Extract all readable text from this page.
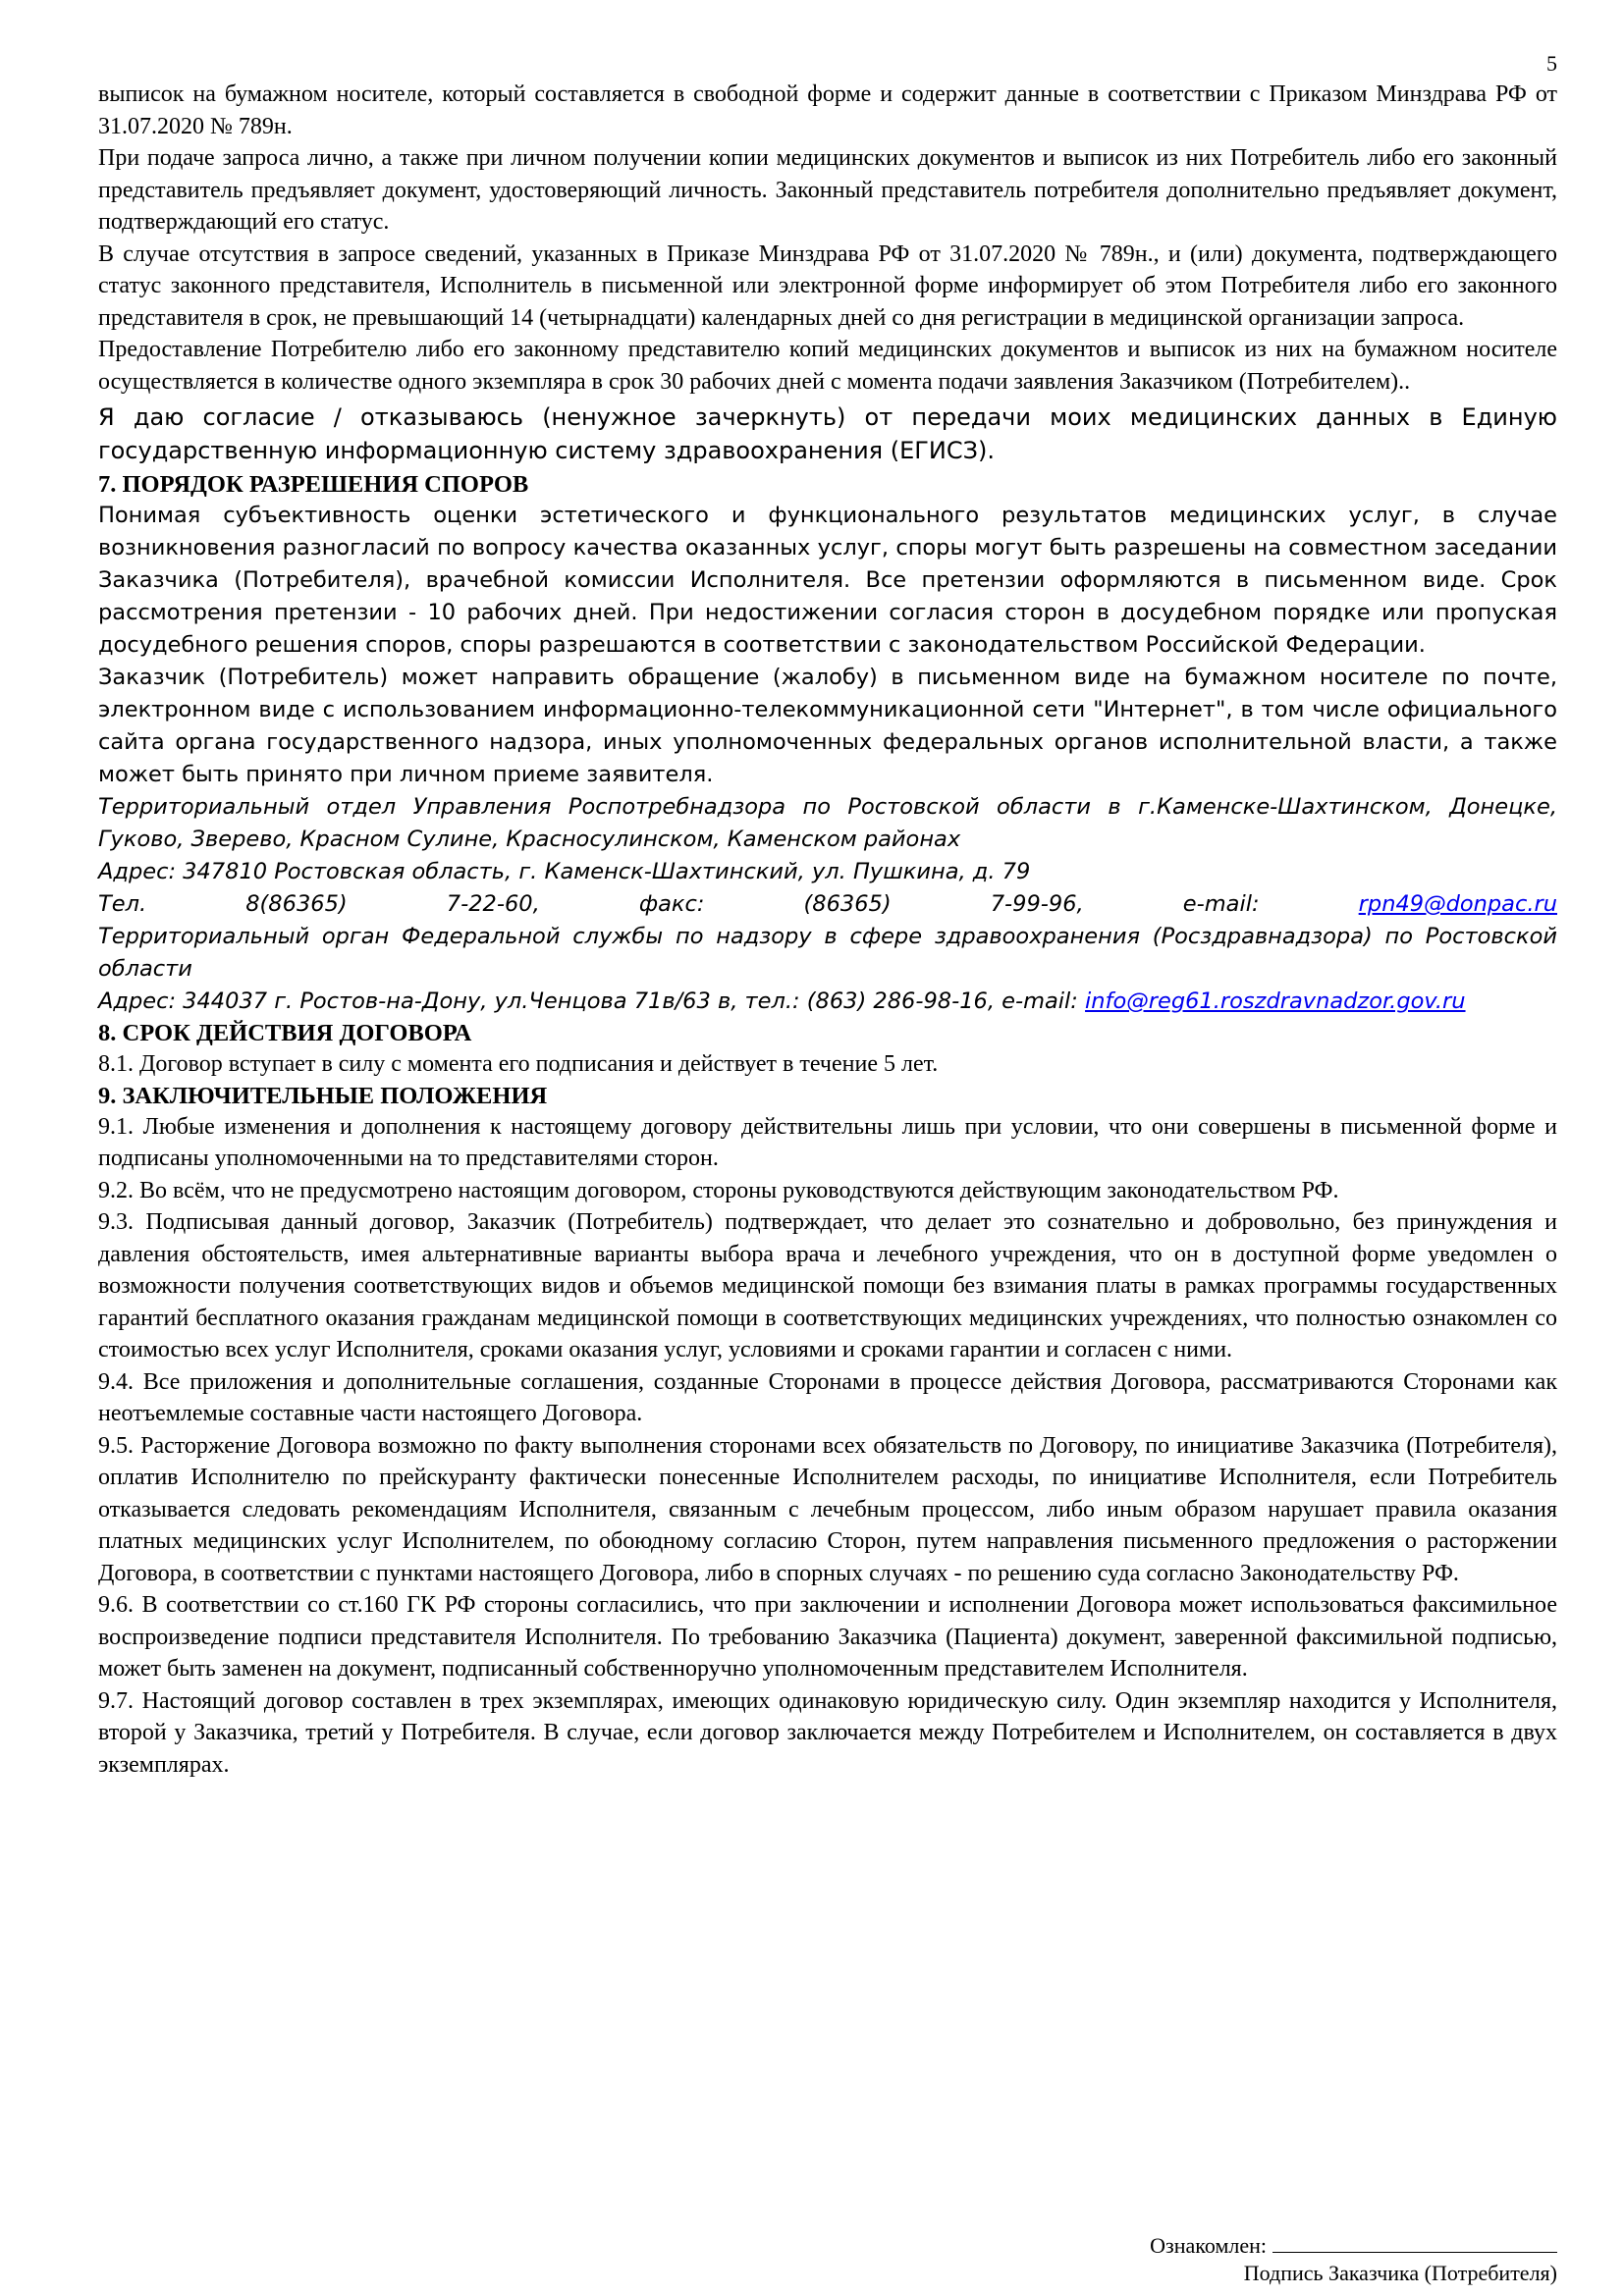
5

выписок на бумажном носителе, который составляется в свободной форме и содержит данные в соответствии с Приказом Минздрава РФ от 31.07.2020 № 789н.

При подаче запроса лично, а также при личном получении копии медицинских документов и выписок из них Потребитель либо его законный представитель предъявляет документ, удостоверяющий личность. Законный представитель потребителя дополнительно предъявляет документ, подтверждающий его статус.

В случае отсутствия в запросе сведений, указанных в Приказе Минздрава РФ от 31.07.2020 № 789н., и (или) документа, подтверждающего статус законного представителя, Исполнитель в письменной или электронной форме информирует об этом Потребителя либо его законного представителя в срок, не превышающий 14 (четырнадцати) календарных дней со дня регистрации в медицинской организации запроса.

Предоставление Потребителю либо его законному представителю копий медицинских документов и выписок из них на бумажном носителе осуществляется в количестве одного экземпляра в срок 30 рабочих дней с момента подачи заявления Заказчиком (Потребителем)..

Я даю согласие / отказываюсь (ненужное зачеркнуть) от передачи моих медицинских данных в Единую государственную информационную систему здравоохранения (ЕГИСЗ).

7. ПОРЯДОК РАЗРЕШЕНИЯ СПОРОВ

Понимая субъективность оценки эстетического и функционального результатов медицинских услуг, в случае возникновения разногласий по вопросу качества оказанных услуг, споры могут быть разрешены на совместном заседании Заказчика (Потребителя), врачебной комиссии Исполнителя. Все претензии оформляются в письменном виде. Срок рассмотрения претензии - 10 рабочих дней. При недостижении согласия сторон в досудебном порядке или пропуская досудебного решения споров, споры разрешаются в соответствии с законодательством Российской Федерации.

Заказчик (Потребитель) может направить обращение (жалобу) в письменном виде на бумажном носителе по почте, электронном виде с использованием информационно-телекоммуникационной сети "Интернет", в том числе официального сайта органа государственного надзора, иных уполномоченных федеральных органов исполнительной власти, а также может быть принято при личном приеме заявителя.

Территориальный отдел Управления Роспотребнадзора по Ростовской области в г.Каменске-Шахтинском, Донецке, Гуково, Зверево, Красном Сулине, Красносулинском, Каменском районах

Адрес: 347810 Ростовская область, г. Каменск-Шахтинский, ул. Пушкина, д. 79

Тел.	8(86365)	7-22-60,	факс:	(86365)	7-99-96,	e-mail:	rpn49@donpac.ru

Территориальный орган Федеральной службы по надзору в сфере здравоохранения (Росздравнадзора) по Ростовской области

Адрес: 344037 г. Ростов-на-Дону, ул.Ченцова 71в/63 в, тел.: (863) 286-98-16, e-mail: info@reg61.roszdravnadzor.gov.ru

8. СРОК ДЕЙСТВИЯ ДОГОВОРА

8.1. Договор вступает в силу с момента его подписания и действует в течение 5 лет.

9. ЗАКЛЮЧИТЕЛЬНЫЕ ПОЛОЖЕНИЯ

9.1. Любые изменения и дополнения к настоящему договору действительны лишь при условии, что они совершены в письменной форме и подписаны уполномоченными на то представителями сторон.

9.2. Во всём, что не предусмотрено настоящим договором, стороны руководствуются действующим законодательством РФ.

9.3. Подписывая данный договор, Заказчик (Потребитель) подтверждает, что делает это сознательно и добровольно, без принуждения и давления обстоятельств, имея альтернативные варианты выбора врача и лечебного учреждения, что он в доступной форме уведомлен о возможности получения соответствующих видов и объемов медицинской помощи без взимания платы в рамках программы государственных гарантий бесплатного оказания гражданам медицинской помощи в соответствующих медицинских учреждениях, что полностью ознакомлен со стоимостью всех услуг Исполнителя, сроками оказания услуг, условиями и сроками гарантии и согласен с ними.

9.4. Все приложения и дополнительные соглашения, созданные Сторонами в процессе действия Договора, рассматриваются Сторонами как неотъемлемые составные части настоящего Договора.

9.5. Расторжение Договора возможно по факту выполнения сторонами всех обязательств по Договору, по инициативе Заказчика (Потребителя), оплатив Исполнителю по прейскуранту фактически понесенные Исполнителем расходы, по инициативе Исполнителя, если Потребитель отказывается следовать рекомендациям Исполнителя, связанным с лечебным процессом, либо иным образом нарушает правила оказания платных медицинских услуг Исполнителем, по обоюдному согласию Сторон, путем направления письменного предложения о расторжении Договора, в соответствии с пунктами настоящего Договора, либо в спорных случаях - по решению суда согласно Законодательству РФ.

9.6. В соответствии со ст.160 ГК РФ стороны согласились, что при заключении и исполнении Договора может использоваться факсимильное воспроизведение подписи представителя Исполнителя. По требованию Заказчика (Пациента) документ, заверенной факсимильной подписью, может быть заменен на документ, подписанный собственноручно уполномоченным представителем Исполнителя.

9.7. Настоящий договор составлен в трех экземплярах, имеющих одинаковую юридическую силу. Один экземпляр находится у Исполнителя, второй у Заказчика, третий у Потребителя. В случае, если договор заключается между Потребителем и Исполнителем, он составляется в двух экземплярах.

Ознакомлен:
Подпись Заказчика (Потребителя)
